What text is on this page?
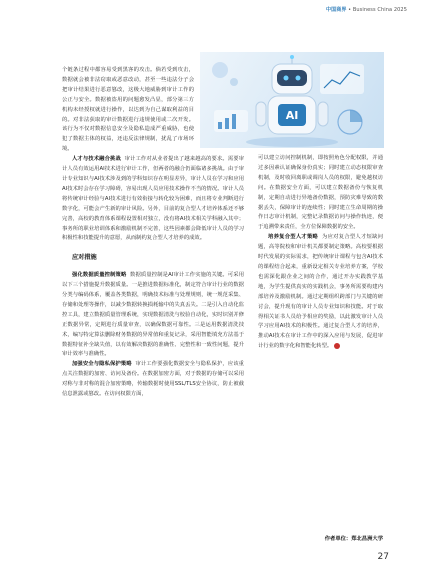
中国商界 • Business China 2025
AI

个链条过程中都容易受到黑客的攻击。倘若受到攻击，数据就会被非法窃取或恶意改动，甚至一些违法分子会把审计结果进行恶意篡改，这极大地威胁到审计工作的公正与安全。数据被盗用的问题愈发凸显，部分第三方机构未经授权就进行操作，以达到为自己谋取利益的目的。对非法获取的审计数据进行违规使用或二次开发。该行为不仅对数据信息安全及隐私造成严重威胁，也使犯了数据主体的权益，还违反法律规制，扰乱了市场环境。

人才与技术融合挑战 审计工作对从业者提出了越来越高的要求。需要审计人员有效运用AI技术进行审计工作，但两者的融合仍面临诸多挑战。由于审计专业知识与AI技术涉及到的学科知识存在明显差异，审计人员在学习和应用AI技术时会存在学习障碍，容易出现人员应用技术操作不当的情况。审计人员将传统审计经验与AI技术进行有效衔接与转化较为困难，而且将专业判断进行数字化，可能会产生新的审计风险。另外，目前的复合型人才培养体系还不够完善，高校的教育体系课程设置相对独立，没有将AI技术相关学科融入其中；事务所的职业培训体系和激励机制不完善，这些因素都会降低审计人员的学习积极性和技能提升的意愿，从而制约复合型人才培养的成效。

应对措施

强化数据质量控制策略 数据质量控制是AI审计工作实施的关键。可采用以下三个措施提升数据质量。一是推进数据标准化，制定符合审计行业的数据分类与编码体系，覆盖各类数据，明确技术标准与处理规则，统一规范采集、存储和处理等操作，以减少数据转换损耗输中的失真丢失。二是引入自动化监控工具，建立数据质量管理系统，实现数据清洗与校验自动化，实时识别并修正数据异常，定期进行质量审查，以确保数据可靠性。三是运用数据清洗技术，编写特定算法删除财务数据的异常值和重复记录，采用智能填充方法基于数据特征补全缺失值，以有效解决数据的准确性、完整性和一致性问题，提升审计效率与准确性。

加强安全与隐私保护策略 审计工作要强化数据安全与隐私保护，应该重点关注数据的加密、访问及备份。在数据加密方面，对于数据的存储可以采用对称与非对称的混合加密策略，传输数据时使用SSL/TLS安全协议，防止被截信息泄露或篡改。在访问权限方面，

可以建立访问控制机制，即按照角色分配权限，并通过多因素认证确保身份真实；同时建立动态权限审查机制，及时收回离职或调岗人员的权限，避免越权访问。在数据安全方面，可以建立数据备份与恢复机制，定期自动进行异地备份数据，预防灾难导致的数据丢失，保障审计的连续性；同时建立生命周期的操作日志审计机制，完整记录数据访问与操作轨迹，便于追溯带来责任，全方位保障数据的安全。

培养复合型人才策略 为应对复合型人才短缺问题，高等院校和审计机关都要制定策略。高校要根据时代发展的实际需求，把传统审计课程与包含AI技术的课程结合起来，重新设定相关专业培养方案，学校也需深化跟企业之间的合作，通过开办实践教学基地，为学生提供真实的实践机会，事务所需要构建内部培养及激励机制。通过定期组织跨部门与关键的研讨会，提升现有的审计人员专业知识和技能。对于取得相关证书人员给予相应的奖励，以此激发审计人员学习应用AI技术的积极性。通过复合型人才的培养，推动AI技术在审计工作中的深入应用与发展，促进审计行业的数字化和智能化转型。

作者单位：郑北昌洲大学
27
